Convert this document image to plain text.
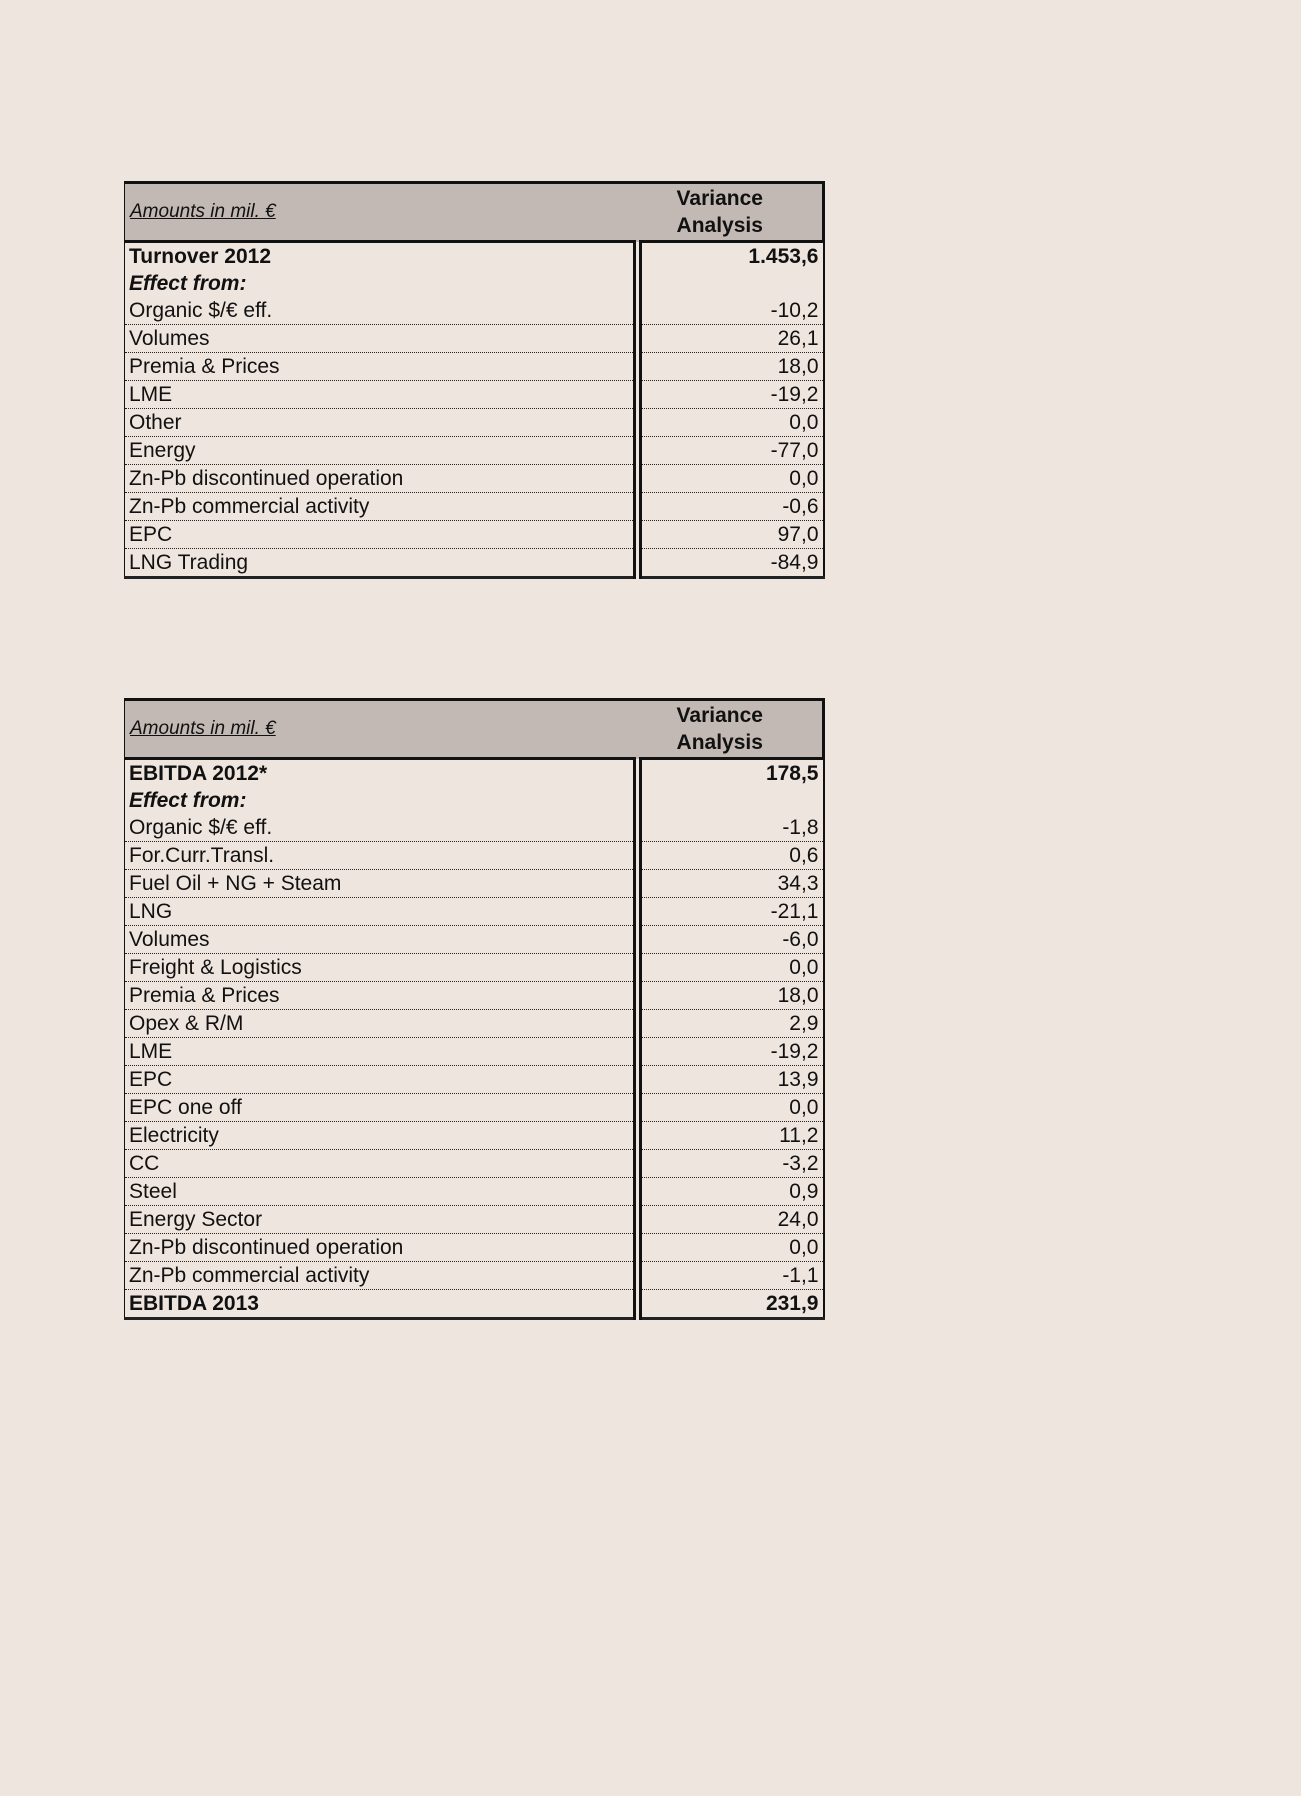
Amounts in mil. €	Variance
Analysis

Turnover 2012	1.453,6
Effect from:	
Organic $/€ eff.	-10,2
Volumes	26,1
Premia & Prices	18,0
LME	-19,2
Other	0,0
Energy	-77,0
Zn-Pb discontinued operation	0,0
Zn-Pb commercial activity	-0,6
EPC	97,0
LNG Trading	-84,9
Amounts in mil. €	Variance
Analysis

EBITDA 2012*	178,5
Effect from:	
Organic $/€ eff.	-1,8
For.Curr.Transl.	0,6
Fuel Oil + NG + Steam	34,3
LNG	-21,1
Volumes	-6,0
Freight & Logistics	0,0
Premia & Prices	18,0
Opex & R/M	2,9
LME	-19,2
EPC	13,9
EPC one off	0,0
Electricity	11,2
CC	-3,2
Steel	0,9
Energy Sector	24,0
Zn-Pb discontinued operation	0,0
Zn-Pb commercial activity	-1,1
EBITDA 2013	231,9
